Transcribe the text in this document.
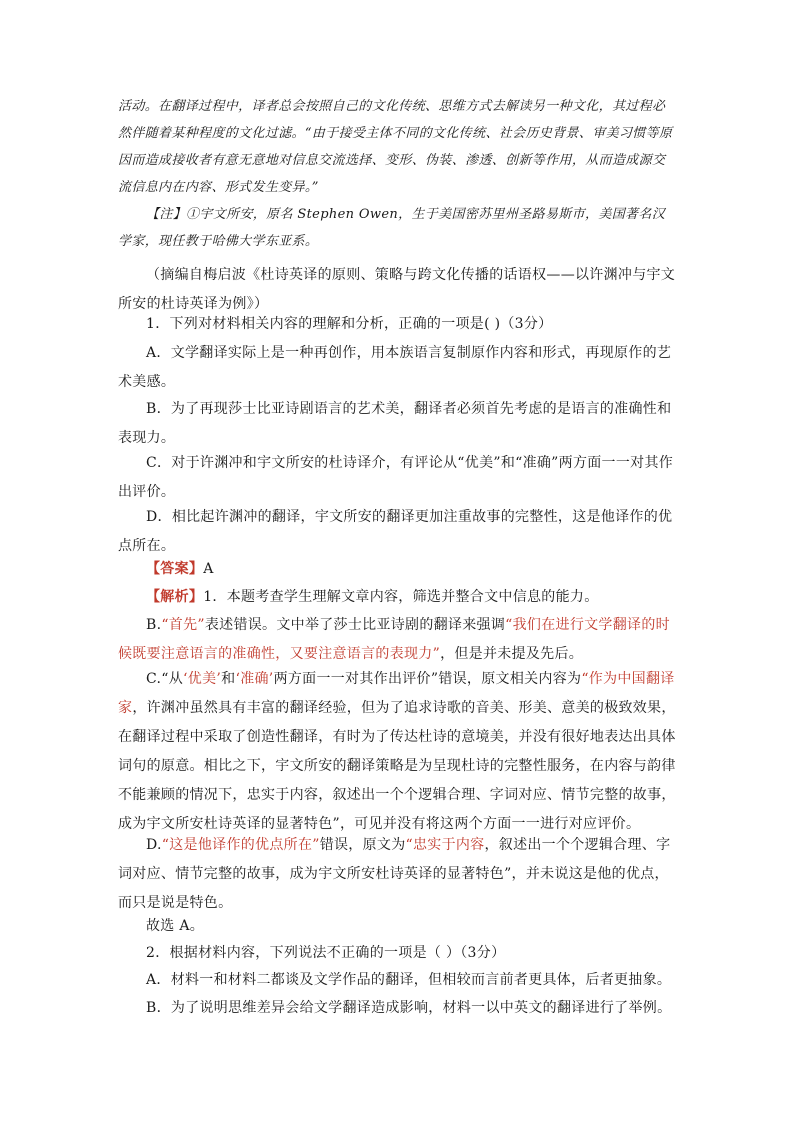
活动。在翻译过程中，译者总会按照自己的文化传统、思维方式去解读另一种文化，其过程必然伴随着某种程度的文化过滤。“由于接受主体不同的文化传统、社会历史背景、审美习惯等原因而造成接收者有意无意地对信息交流选择、变形、伪装、渗透、创新等作用，从而造成源交流信息内在内容、形式发生变异。”

【注】①宇文所安，原名 Stephen Owen，生于美国密苏里州圣路易斯市，美国著名汉学家，现任教于哈佛大学东亚系。

（摘编自梅启波《杜诗英译的原则、策略与跨文化传播的话语权——以许渊冲与宇文所安的杜诗英译为例》）

1．下列对材料相关内容的理解和分析，正确的一项是( )（3分）

A．文学翻译实际上是一种再创作，用本族语言复制原作内容和形式，再现原作的艺术美感。

B．为了再现莎士比亚诗剧语言的艺术美，翻译者必须首先考虑的是语言的准确性和表现力。

C．对于许渊冲和宇文所安的杜诗译介，有评论从“优美”和“准确”两方面一一对其作出评价。

D．相比起许渊冲的翻译，宇文所安的翻译更加注重故事的完整性，这是他译作的优点所在。

【答案】A

【解析】1．本题考查学生理解文章内容，筛选并整合文中信息的能力。

B.“首先”表述错误。文中举了莎士比亚诗剧的翻译来强调“我们在进行文学翻译的时候既要注意语言的准确性，又要注意语言的表现力”，但是并未提及先后。

C.“从‘优美’和‘准确’两方面一一对其作出评价”错误，原文相关内容为“作为中国翻译家，许渊冲虽然具有丰富的翻译经验，但为了追求诗歌的音美、形美、意美的极致效果，在翻译过程中采取了创造性翻译，有时为了传达杜诗的意境美，并没有很好地表达出具体词句的原意。相比之下，宇文所安的翻译策略是为呈现杜诗的完整性服务，在内容与韵律不能兼顾的情况下，忠实于内容，叙述出一个个逻辑合理、字词对应、情节完整的故事，成为宇文所安杜诗英译的显著特色”，可见并没有将这两个方面一一进行对应评价。

D.“这是他译作的优点所在”错误，原文为“忠实于内容，叙述出一个个逻辑合理、字词对应、情节完整的故事，成为宇文所安杜诗英译的显著特色”，并未说这是他的优点，而只是说是特色。

故选 A。

2．根据材料内容，下列说法不正确的一项是（ ）（3分）

A．材料一和材料二都谈及文学作品的翻译，但相较而言前者更具体，后者更抽象。

B．为了说明思维差异会给文学翻译造成影响，材料一以中英文的翻译进行了举例。
